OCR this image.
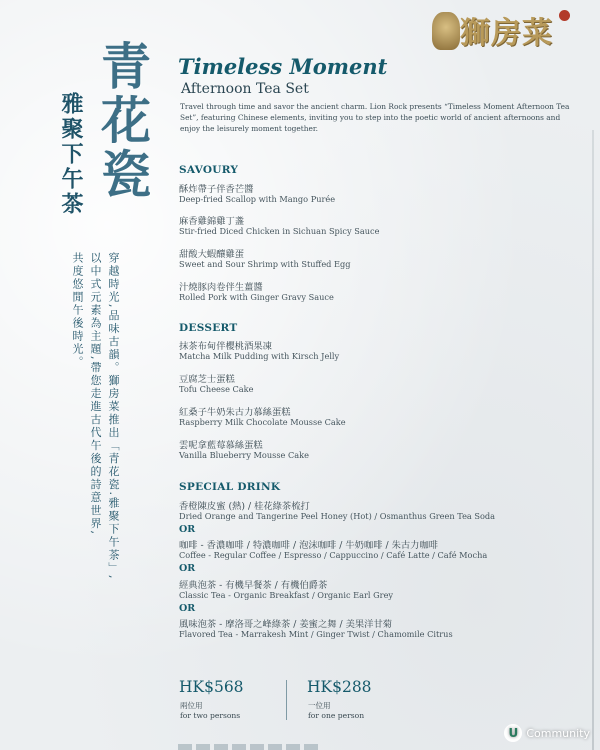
獅房菜
青花瓷
雅聚下午茶
穿越時光,品味古韻。獅房菜推出「青花瓷.雅聚下午茶」,
以中式元素為主題,帶您走進古代午後的詩意世界,
共度悠閒午後時光。
Timeless Moment
Afternoon Tea Set
Travel through time and savor the ancient charm. Lion Rock presents “Timeless Moment Afternoon Tea Set”, featuring Chinese elements, inviting you to step into the poetic world of ancient afternoons and enjoy the leisurely moment together.
SAVOURY
酥炸帶子伴香芒醬
Deep-fried Scallop with Mango Purée
麻香雞錦雞丁盞
Stir-fried Diced Chicken in Sichuan Spicy Sauce
甜酸大蝦釀雞蛋
Sweet and Sour Shrimp with Stuffed Egg
汁燒豚肉卷伴生薑醬
Rolled Pork with Ginger Gravy Sauce
DESSERT
抹茶布甸伴櫻桃酒果凍
Matcha Milk Pudding with Kirsch Jelly
豆腐芝士蛋糕
Tofu Cheese Cake
紅桑子牛奶朱古力慕絲蛋糕
Raspberry Milk Chocolate Mousse Cake
雲呢拿藍莓慕絲蛋糕
Vanilla Blueberry Mousse Cake
SPECIAL DRINK
香橙陳皮蜜 (熱) / 桂花綠茶梳打
Dried Orange and Tangerine Peel Honey (Hot) / Osmanthus Green Tea Soda
OR
咖啡 - 香濃咖啡 / 特濃咖啡 / 泡沫咖啡 / 牛奶咖啡 / 朱古力咖啡
Coffee - Regular Coffee / Espresso / Cappuccino / Café Latte / Café Mocha
OR
經典泡茶 - 有機早餐茶 / 有機伯爵茶
Classic Tea - Organic Breakfast / Organic Earl Grey
OR
風味泡茶 - 摩洛哥之峰綠茶 / 姜蜜之舞 / 美果洋甘菊
Flavored Tea - Marrakesh Mint / Ginger Twist / Chamomile Citrus
HK$568
兩位用
for two persons
HK$288
一位用
for one person
U Community
